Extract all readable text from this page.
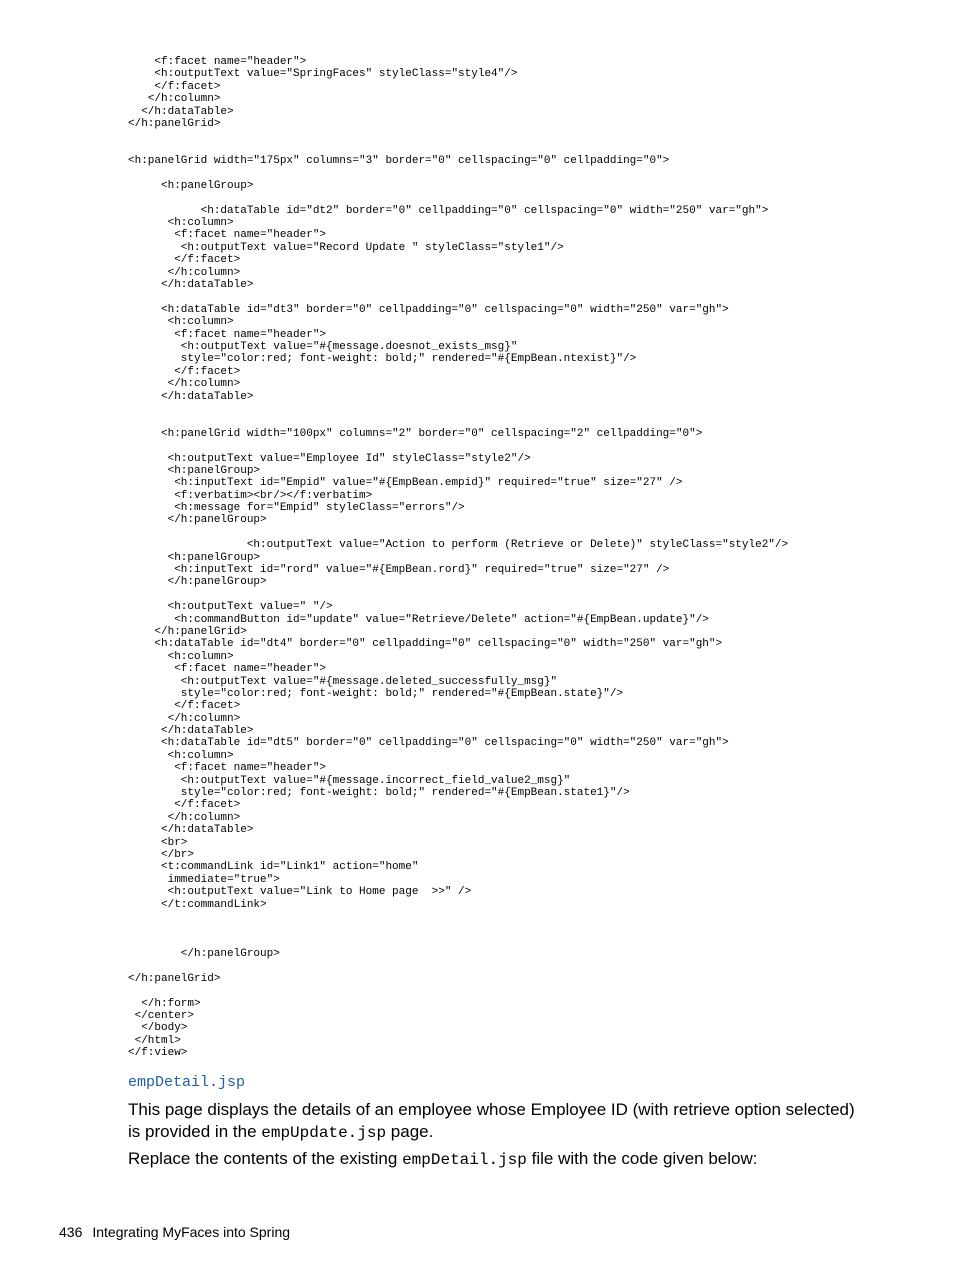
<f:facet name="header">
<h:outputText value="SpringFaces" styleClass="style4"/>
</f:facet>
</h:column>
</h:dataTable>
</h:panelGrid>
<h:panelGrid width="175px" columns="3" border="0" cellspacing="0" cellpadding="0">
<h:panelGroup>
<h:dataTable id="dt2" border="0" cellpadding="0" cellspacing="0" width="250" var="gh">
<h:column>
<f:facet name="header">
<h:outputText value="Record Update " styleClass="style1"/>
</f:facet>
</h:column>
</h:dataTable>
<h:dataTable id="dt3" border="0" cellpadding="0" cellspacing="0" width="250" var="gh">
<h:column>
<f:facet name="header">
<h:outputText value="#{message.doesnot_exists_msg}"
style="color:red; font-weight: bold;" rendered="#{EmpBean.ntexist}"/>
</f:facet>
</h:column>
</h:dataTable>
<h:panelGrid width="100px" columns="2" border="0" cellspacing="2" cellpadding="0">
<h:outputText value="Employee Id" styleClass="style2"/>
<h:panelGroup>
<h:inputText id="Empid" value="#{EmpBean.empid}" required="true" size="27" />
<f:verbatim><br/></f:verbatim>
<h:message for="Empid" styleClass="errors"/>
</h:panelGroup>
<h:outputText value="Action to perform (Retrieve or Delete)" styleClass="style2"/>
<h:panelGroup>
<h:inputText id="rord" value="#{EmpBean.rord}" required="true" size="27" />
</h:panelGroup>
<h:outputText value=" "/>
<h:commandButton id="update" value="Retrieve/Delete" action="#{EmpBean.update}"/>
</h:panelGrid>
<h:dataTable id="dt4" border="0" cellpadding="0" cellspacing="0" width="250" var="gh">
<h:column>
<f:facet name="header">
<h:outputText value="#{message.deleted_successfully_msg}"
style="color:red; font-weight: bold;" rendered="#{EmpBean.state}"/>
</f:facet>
</h:column>
</h:dataTable>
<h:dataTable id="dt5" border="0" cellpadding="0" cellspacing="0" width="250" var="gh">
<h:column>
<f:facet name="header">
<h:outputText value="#{message.incorrect_field_value2_msg}"
style="color:red; font-weight: bold;" rendered="#{EmpBean.state1}"/>
</f:facet>
</h:column>
</h:dataTable>
<br>
</br>
<t:commandLink id="Link1" action="home"
immediate="true">
<h:outputText value="Link to Home page  >>" />
</t:commandLink>
</h:panelGroup>
</h:panelGrid>
</h:form>
</center>
</body>
</html>
</f:view>
empDetail.jsp

This page displays the details of an employee whose Employee ID (with retrieve option selected) is provided in the empUpdate.jsp page.

Replace the contents of the existing empDetail.jsp file with the code given below:

436 Integrating MyFaces into Spring
